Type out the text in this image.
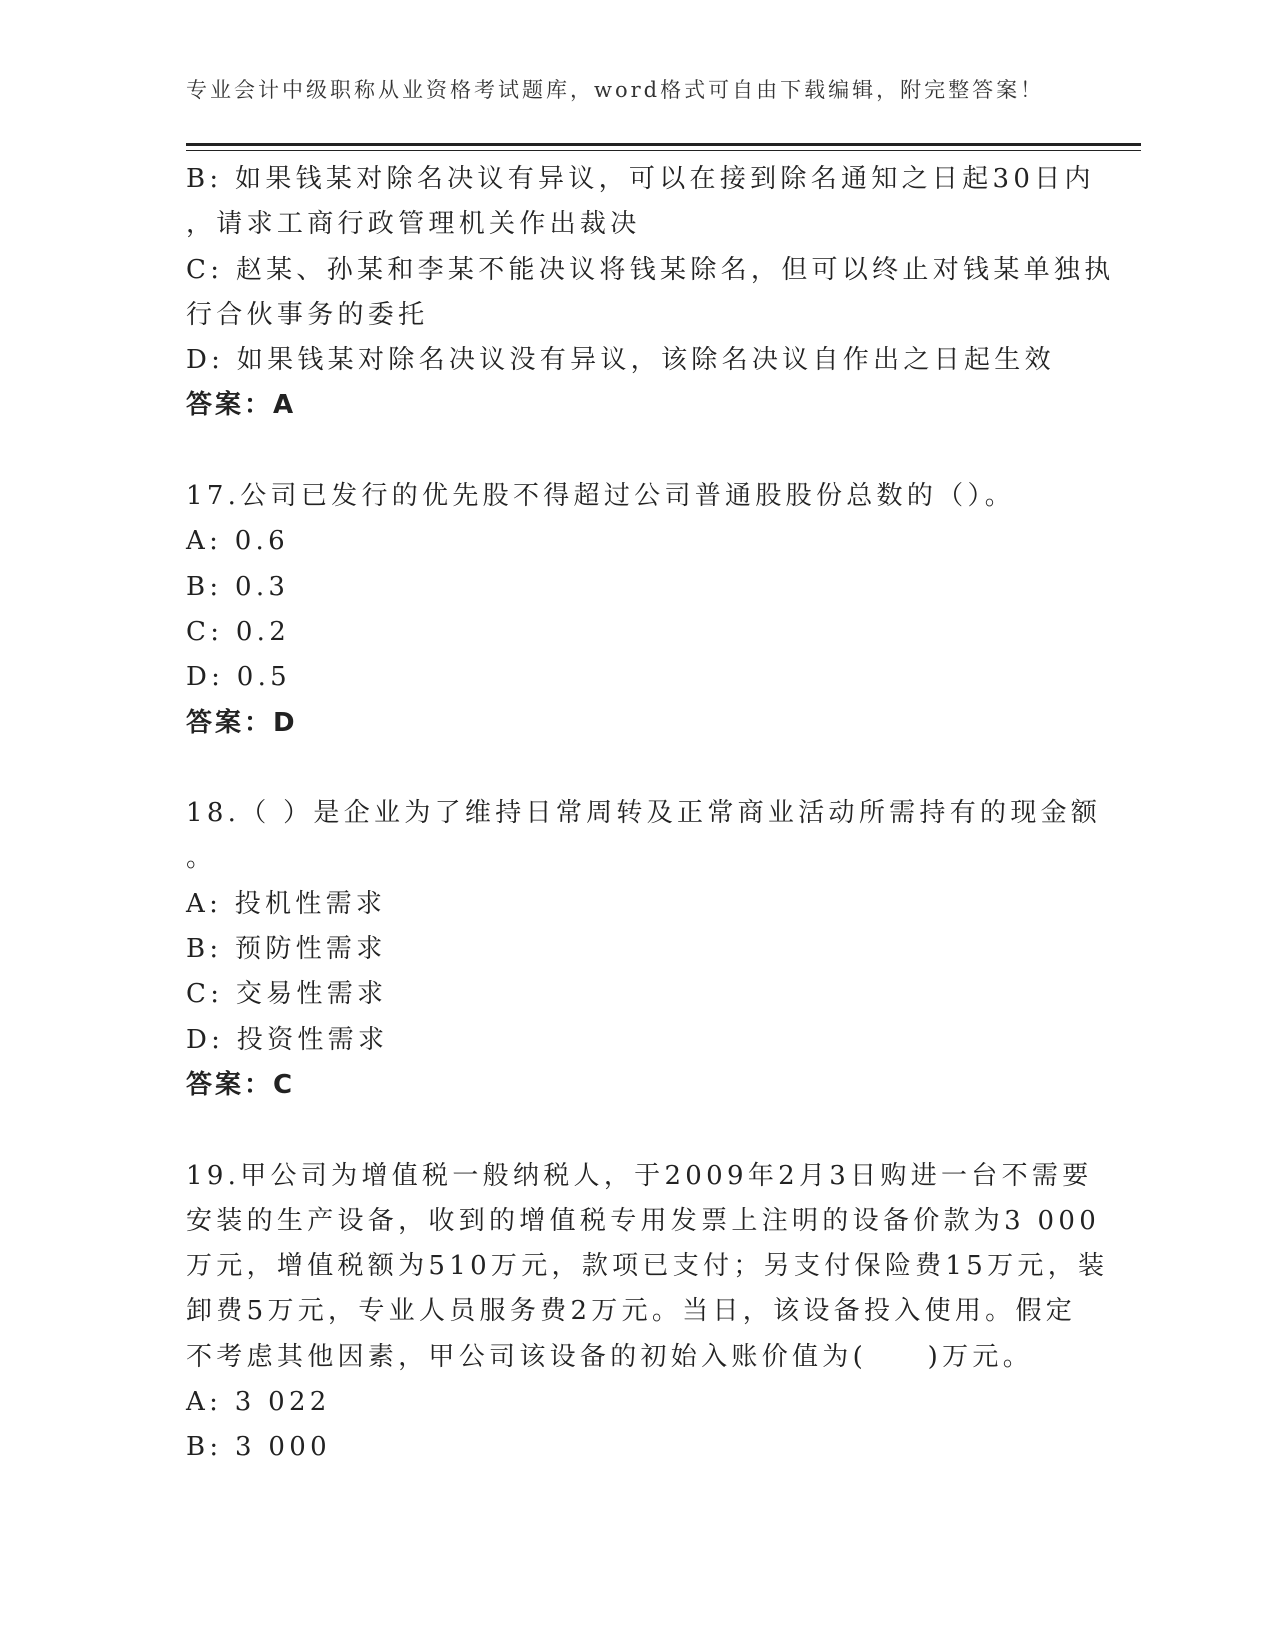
专业会计中级职称从业资格考试题库，word格式可自由下载编辑，附完整答案！
B: 如果钱某对除名决议有异议，可以在接到除名通知之日起30日内
，请求工商行政管理机关作出裁决
C: 赵某、孙某和李某不能决议将钱某除名，但可以终止对钱某单独执
行合伙事务的委托
D: 如果钱某对除名决议没有异议，该除名决议自作出之日起生效
答案：A
17.公司已发行的优先股不得超过公司普通股股份总数的（）。
A: 0.6
B: 0.3
C: 0.2
D: 0.5
答案：D
18.（ ）是企业为了维持日常周转及正常商业活动所需持有的现金额
。
A: 投机性需求
B: 预防性需求
C: 交易性需求
D: 投资性需求
答案：C
19.甲公司为增值税一般纳税人，于2009年2月3日购进一台不需要
安装的生产设备，收到的增值税专用发票上注明的设备价款为3 000
万元，增值税额为510万元，款项已支付；另支付保险费15万元，装
卸费5万元，专业人员服务费2万元。当日，该设备投入使用。假定
不考虑其他因素，甲公司该设备的初始入账价值为(　　)万元。
A: 3 022
B: 3 000
